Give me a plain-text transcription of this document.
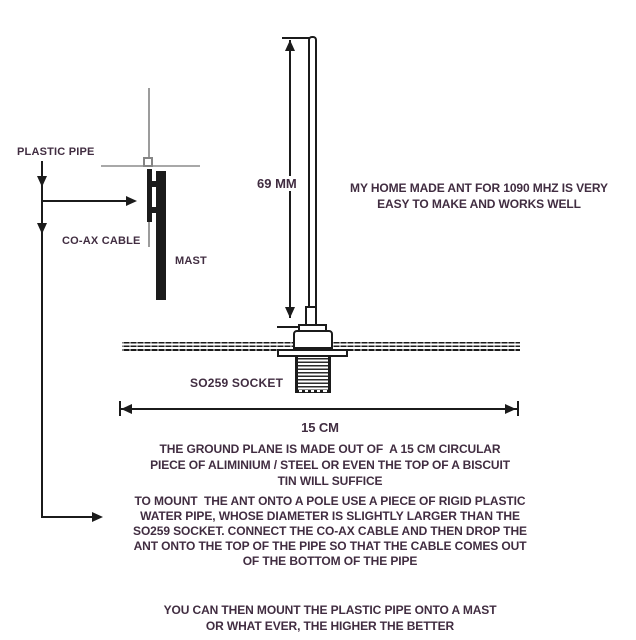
PLASTIC PIPE
CO-AX CABLE
MAST
69 MM
SO259 SOCKET
15 CM
MY HOME MADE ANT FOR 1090 MHZ IS VERY
EASY TO MAKE AND WORKS WELL
THE GROUND PLANE IS MADE OUT OF  A 15 CM CIRCULAR
PIECE OF ALIMINIUM / STEEL OR EVEN THE TOP OF A BISCUIT
TIN WILL SUFFICE
TO MOUNT  THE ANT ONTO A POLE USE A PIECE OF RIGID PLASTIC
WATER PIPE, WHOSE DIAMETER IS SLIGHTLY LARGER THAN THE
SO259 SOCKET. CONNECT THE CO-AX CABLE AND THEN DROP THE
ANT ONTO THE TOP OF THE PIPE SO THAT THE CABLE COMES OUT
OF THE BOTTOM OF THE PIPE
YOU CAN THEN MOUNT THE PLASTIC PIPE ONTO A MAST
OR WHAT EVER, THE HIGHER THE BETTER
